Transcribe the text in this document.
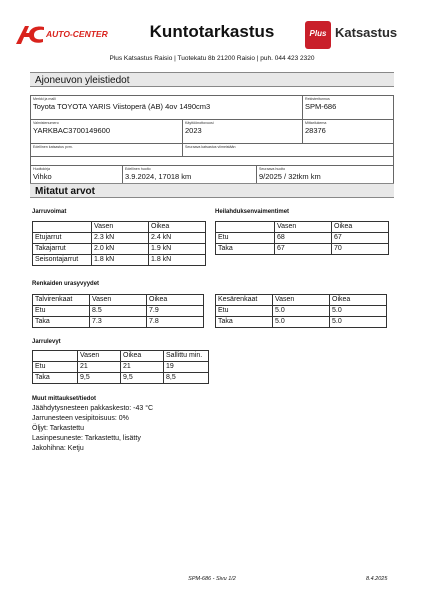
AUTO-CENTER	Kuntotarkastus	Plus Katsastus
Plus Katsastus Raisio | Tuotekatu 8b 21200 Raisio | puh. 044 423 2320
Ajoneuvon yleistiedot
Merkki ja malli
Toyota TOYOTA YARIS Viistoperä (AB) 4ov 1490cm3
Rekisteritunnus
SPM-686
Valmistenumero
YARKBAC3700149600
Käyttöönottovuosi
2023
Mittarilukema
28376
Edellinen katsastus pvm.	Seuraava katsastus viimeistään
Huoltokirja
Vihko
Edellinen huolto
3.9.2024, 17018 km
Seuraava huolto
9/2025 / 32tkm km
Mitatut arvot
Jarruvoimat
	Vasen	Oikea
Etujarrut	2.3 kN	2.4 kN
Takajarrut	2.0 kN	1.9 kN
Seisontajarrut	1.8 kN	1.8 kN
Heilahduksenvaimentimet
	Vasen	Oikea
Etu	68	67
Taka	67	70
Renkaiden urasyvyydet
Talvirenkaat	Vasen	Oikea
Etu	8.5	7.9
Taka	7.3	7.8
Kesärenkaat	Vasen	Oikea
Etu	5.0	5.0
Taka	5.0	5.0
Jarrulevyt
	Vasen	Oikea	Sallittu min.
Etu	21	21	19
Taka	9,5	9,5	8,5
Muut mittaukset/tiedot
Jäähdytysnesteen pakkaskesto: -43 °C
Jarrunesteen vesipitoisuus: 0%
Öljyt: Tarkastettu
Lasinpesuneste: Tarkastettu, lisätty
Jakohihna: Ketju
SPM-686 - Sivu 1/2	8.4.2025
